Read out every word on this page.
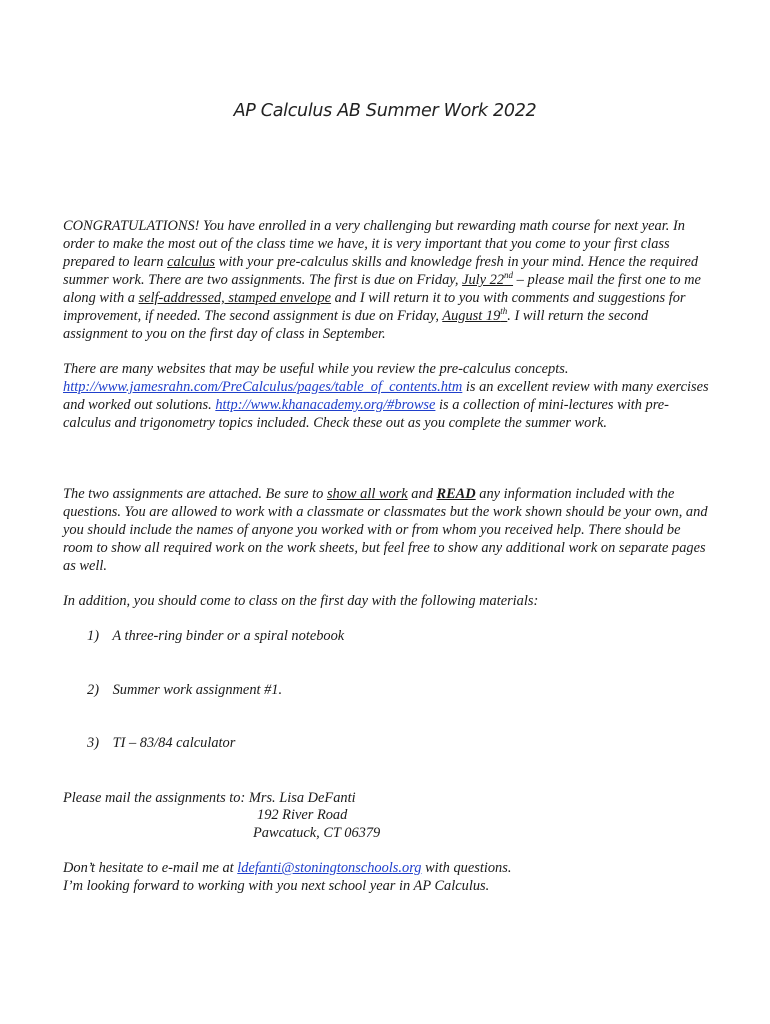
AP Calculus AB Summer Work 2022

CONGRATULATIONS! You have enrolled in a very challenging but rewarding math course for next year. In order to make the most out of the class time we have, it is very important that you come to your first class prepared to learn calculus with your pre-calculus skills and knowledge fresh in your mind. Hence the required summer work. There are two assignments. The first is due on Friday, July 22nd – please mail the first one to me along with a self-addressed, stamped envelope and I will return it to you with comments and suggestions for improvement, if needed. The second assignment is due on Friday, August 19th. I will return the second assignment to you on the first day of class in September.

There are many websites that may be useful while you review the pre-calculus concepts.
http://www.jamesrahn.com/PreCalculus/pages/table_of_contents.htm is an excellent review with many exercises and worked out solutions. http://www.khanacademy.org/#browse is a collection of mini-lectures with pre-calculus and trigonometry topics included. Check these out as you complete the summer work.

The two assignments are attached. Be sure to show all work and READ any information included with the questions. You are allowed to work with a classmate or classmates but the work shown should be your own, and you should include the names of anyone you worked with or from whom you received help. There should be room to show all required work on the work sheets, but feel free to show any additional work on separate pages as well.

In addition, you should come to class on the first day with the following materials:

1) A three-ring binder or a spiral notebook
2) Summer work assignment #1.
3) TI – 83/84 calculator
Please mail the assignments to: Mrs. Lisa DeFanti
192 River Road
Pawcatuck, CT 06379
Don’t hesitate to e-mail me at ldefanti@stoningtonschools.org with questions.
I’m looking forward to working with you next school year in AP Calculus.
